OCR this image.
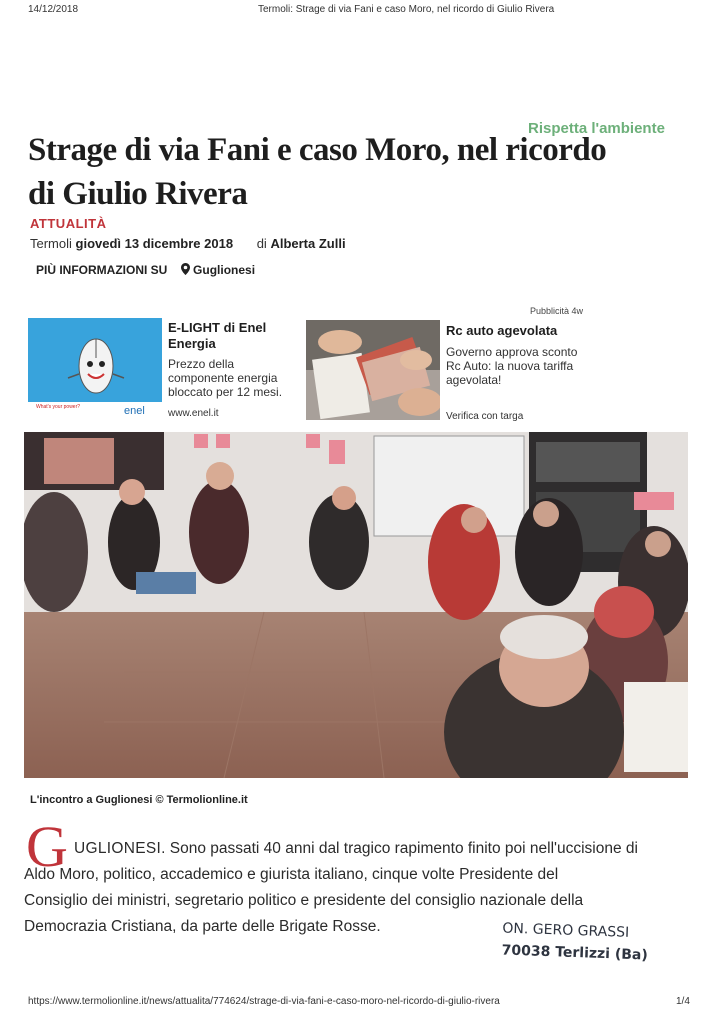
14/12/2018	Termoli: Strage di via Fani e caso Moro, nel ricordo di Giulio Rivera
Rispetta l'ambiente
Strage di via Fani e caso Moro, nel ricordo
di Giulio Rivera
ATTUALITÀ
Termoli giovedì 13 dicembre 2018 di Alberta Zulli
PIÙ INFORMAZIONI SU Guglionesi
Pubblicità 4w
What's your power?	enel
E-LIGHT di Enel Energia
Prezzo della componente energia bloccato per 12 mesi.
www.enel.it
Rc auto agevolata
Governo approva sconto Rc Auto: la nuova tariffa agevolata!
Verifica con targa
L'incontro a Guglionesi © Termolionline.it
G UGLIONESI. Sono passati 40 anni dal tragico rapimento finito poi nell'uccisione di
Aldo Moro, politico, accademico e giurista italiano, cinque volte Presidente del
Consiglio dei ministri, segretario politico e presidente del consiglio nazionale della
Democrazia Cristiana, da parte delle Brigate Rosse.	ON. GERO GRASSI
70038 Terlizzi (Ba)
https://www.termolionline.it/news/attualita/774624/strage-di-via-fani-e-caso-moro-nel-ricordo-di-giulio-rivera	1/4
